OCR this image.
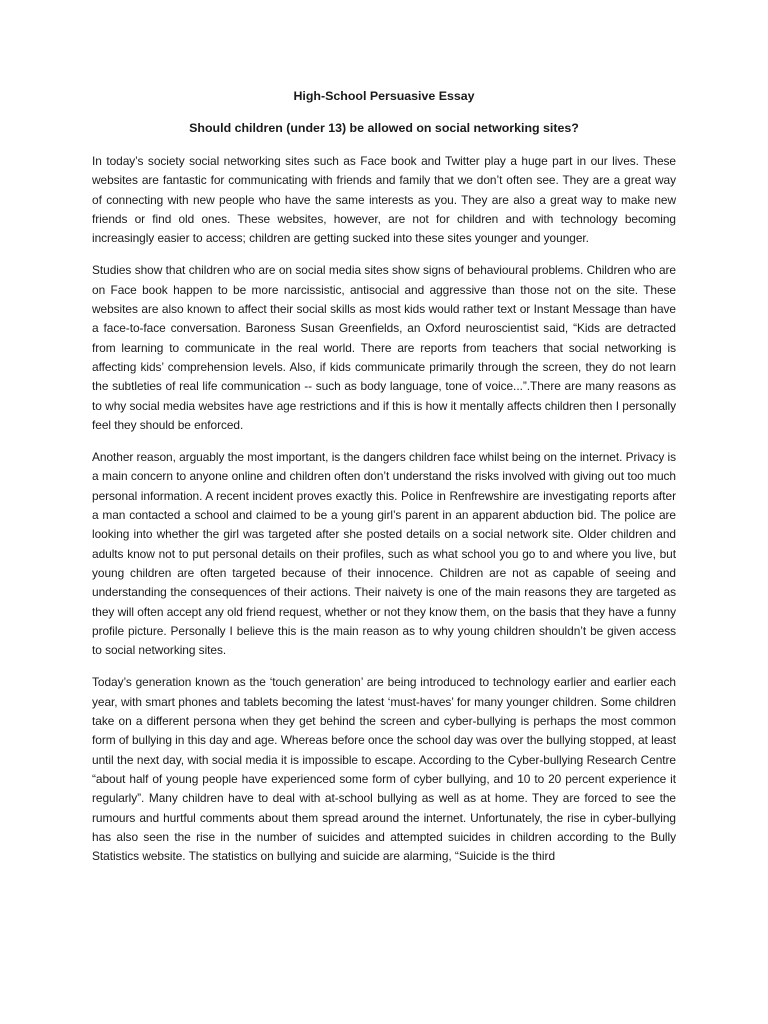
High-School Persuasive Essay
Should children (under 13) be allowed on social networking sites?

In today’s society social networking sites such as Face book and Twitter play a huge part in our lives. These websites are fantastic for communicating with friends and family that we don’t often see. They are a great way of connecting with new people who have the same interests as you. They are also a great way to make new friends or find old ones. These websites, however, are not for children and with technology becoming increasingly easier to access; children are getting sucked into these sites younger and younger.

Studies show that children who are on social media sites show signs of behavioural problems. Children who are on Face book happen to be more narcissistic, antisocial and aggressive than those not on the site. These websites are also known to affect their social skills as most kids would rather text or Instant Message than have a face-to-face conversation. Baroness Susan Greenfields, an Oxford neuroscientist said, “Kids are detracted from learning to communicate in the real world. There are reports from teachers that social networking is affecting kids’ comprehension levels. Also, if kids communicate primarily through the screen, they do not learn the subtleties of real life communication -- such as body language, tone of voice...”.There are many reasons as to why social media websites have age restrictions and if this is how it mentally affects children then I personally feel they should be enforced.

Another reason, arguably the most important, is the dangers children face whilst being on the internet. Privacy is a main concern to anyone online and children often don’t understand the risks involved with giving out too much personal information. A recent incident proves exactly this. Police in Renfrewshire are investigating reports after a man contacted a school and claimed to be a young girl’s parent in an apparent abduction bid. The police are looking into whether the girl was targeted after she posted details on a social network site. Older children and adults know not to put personal details on their profiles, such as what school you go to and where you live, but young children are often targeted because of their innocence. Children are not as capable of seeing and understanding the consequences of their actions. Their naivety is one of the main reasons they are targeted as they will often accept any old friend request, whether or not they know them, on the basis that they have a funny profile picture. Personally I believe this is the main reason as to why young children shouldn’t be given access to social networking sites.

Today’s generation known as the ‘touch generation’ are being introduced to technology earlier and earlier each year, with smart phones and tablets becoming the latest ‘must-haves’ for many younger children. Some children take on a different persona when they get behind the screen and cyber-bullying is perhaps the most common form of bullying in this day and age. Whereas before once the school day was over the bullying stopped, at least until the next day, with social media it is impossible to escape. According to the Cyber-bullying Research Centre “about half of young people have experienced some form of cyber bullying, and 10 to 20 percent experience it regularly”. Many children have to deal with at-school bullying as well as at home. They are forced to see the rumours and hurtful comments about them spread around the internet. Unfortunately, the rise in cyber-bullying has also seen the rise in the number of suicides and attempted suicides in children according to the Bully Statistics website. The statistics on bullying and suicide are alarming, “Suicide is the third
